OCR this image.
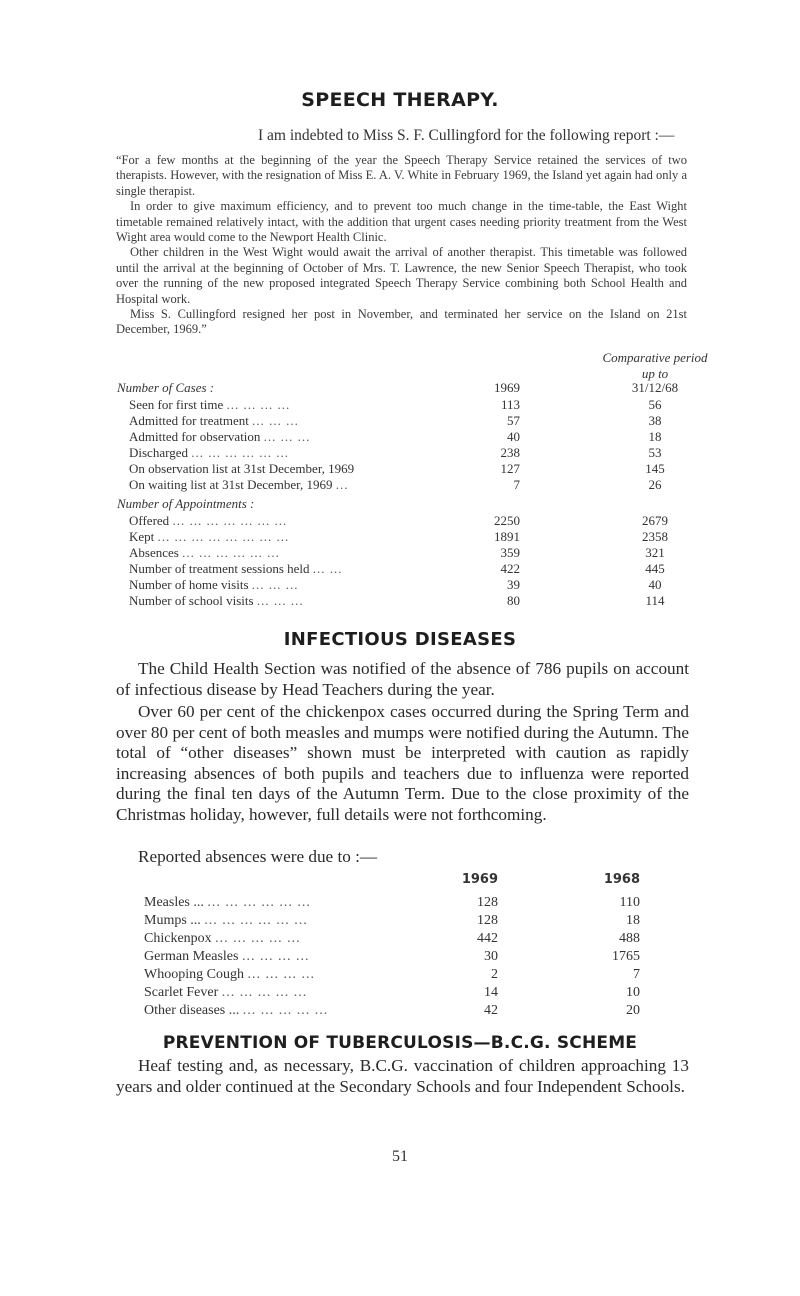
SPEECH THERAPY.
I am indebted to Miss S. F. Cullingford for the following report :—

“For a few months at the beginning of the year the Speech Therapy Service retained the services of two therapists. However, with the resignation of Miss E. A. V. White in February 1969, the Island yet again had only a single therapist.

In order to give maximum efficiency, and to prevent too much change in the time-table, the East Wight timetable remained relatively intact, with the addition that urgent cases needing priority treatment from the West Wight area would come to the Newport Health Clinic.

Other children in the West Wight would await the arrival of another therapist. This timetable was followed until the arrival at the beginning of October of Mrs. T. Lawrence, the new Senior Speech Therapist, who took over the running of the new proposed integrated Speech Therapy Service combining both School Health and Hospital work.

Miss S. Cullingford resigned her post in November, and terminated her service on the Island on 21st December, 1969.”

Comparative period up to
Number of Cases :	1969	31/12/68
Seen for first time ... ... ... ...	113	56
Admitted for treatment ... ... ...	57	38
Admitted for observation ... ... ...	40	18
Discharged ... ... ... ... ... ...	238	53
On observation list at 31st December, 1969	127	145
On waiting list at 31st December, 1969 ...	7	26
Number of Appointments :
Offered ... ... ... ... ... ... ...	2250	2679
Kept ... ... ... ... ... ... ... ...	1891	2358
Absences ... ... ... ... ... ...	359	321
Number of treatment sessions held ... ...	422	445
Number of home visits ... ... ...	39	40
Number of school visits ... ... ...	80	114
INFECTIOUS DISEASES

The Child Health Section was notified of the absence of 786 pupils on account of infectious disease by Head Teachers during the year.

Over 60 per cent of the chickenpox cases occurred during the Spring Term and over 80 per cent of both measles and mumps were notified during the Autumn. The total of “other diseases” shown must be interpreted with caution as rapidly increasing absences of both pupils and teachers due to influenza were reported during the final ten days of the Autumn Term. Due to the close proximity of the Christmas holiday, however, full details were not forthcoming.

Reported absences were due to :—
1969	1968
Measles ... ... ... ... ... ... ...	128	110
Mumps ... ... ... ... ... ... ...	128	18
Chickenpox ... ... ... ... ...	442	488
German Measles ... ... ... ...	30	1765
Whooping Cough ... ... ... ...	2	7
Scarlet Fever ... ... ... ... ...	14	10
Other diseases ... ... ... ... ... ...	42	20
PREVENTION OF TUBERCULOSIS—B.C.G. SCHEME

Heaf testing and, as necessary, B.C.G. vaccination of children approaching 13 years and older continued at the Secondary Schools and four Independent Schools.

51
